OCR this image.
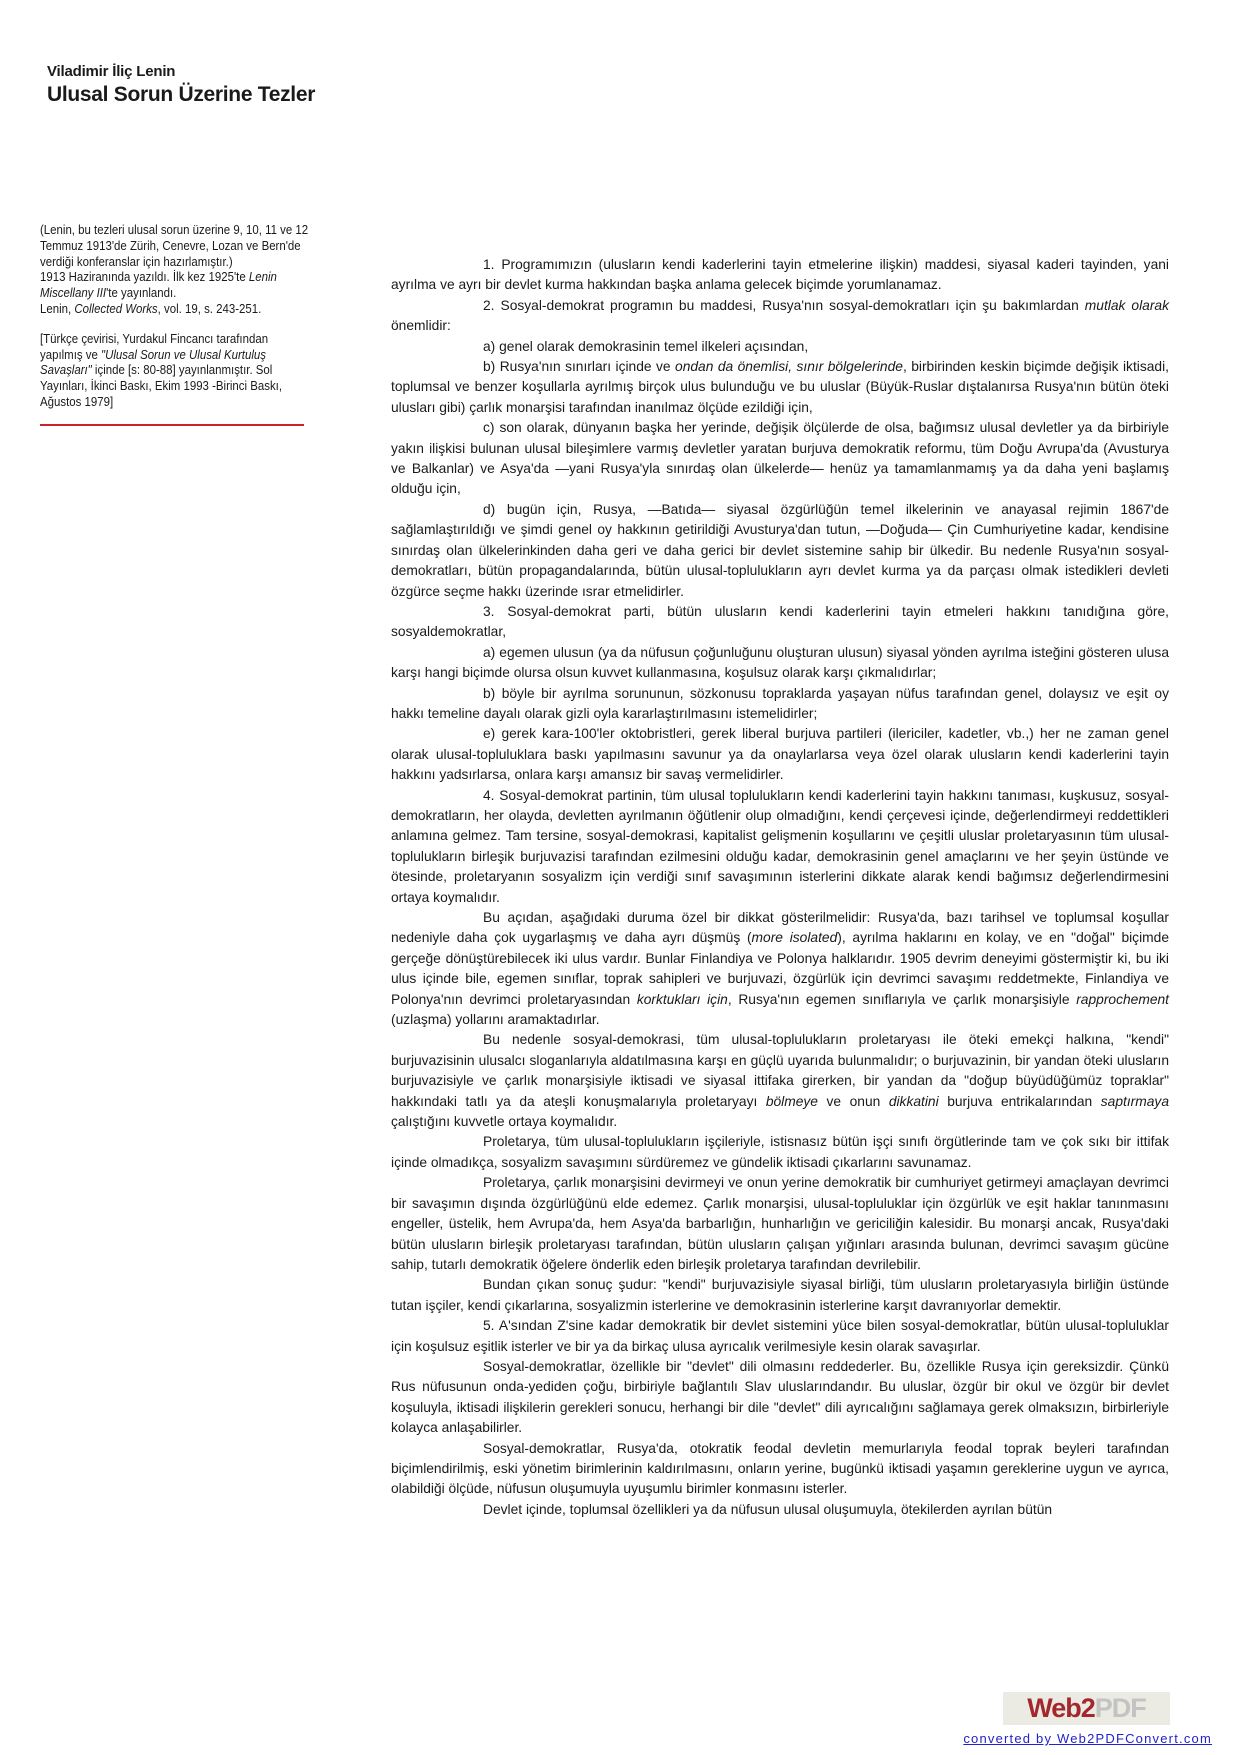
Viladimir İliç Lenin
Ulusal Sorun Üzerine Tezler

(Lenin, bu tezleri ulusal sorun üzerine 9, 10, 11 ve 12 Temmuz 1913'de Zürih, Cenevre, Lozan ve Bern'de verdiği konferanslar için hazırlamıştır.)
1913 Haziranında yazıldı. İlk kez 1925'te Lenin Miscellany III'te yayınlandı.
Lenin, Collected Works, vol. 19, s. 243-251.

[Türkçe çevirisi, Yurdakul Fincancı tarafından yapılmış ve "Ulusal Sorun ve Ulusal Kurtuluş Savaşları" içinde [s: 80-88] yayınlanmıştır. Sol Yayınları, İkinci Baskı, Ekim 1993 -Birinci Baskı, Ağustos 1979]

1. Programımızın (ulusların kendi kaderlerini tayin etmelerine ilişkin) maddesi, siyasal kaderi tayinden, yani ayrılma ve ayrı bir devlet kurma hakkından başka anlama gelecek biçimde yorumlanamaz.

2. Sosyal-demokrat programın bu maddesi, Rusya'nın sosyal-demokratları için şu bakımlardan mutlak olarak önemlidir:

a) genel olarak demokrasinin temel ilkeleri açısından,

b) Rusya'nın sınırları içinde ve ondan da önemlisi, sınır bölgelerinde, birbirinden keskin biçimde değişik iktisadi, toplumsal ve benzer koşullarla ayrılmış birçok ulus bulunduğu ve bu uluslar (Büyük-Ruslar dıştalanırsa Rusya'nın bütün öteki ulusları gibi) çarlık monarşisi tarafından inanılmaz ölçüde ezildiği için,

c) son olarak, dünyanın başka her yerinde, değişik ölçülerde de olsa, bağımsız ulusal devletler ya da birbiriyle yakın ilişkisi bulunan ulusal bileşimlere varmış devletler yaratan burjuva demokratik reformu, tüm Doğu Avrupa'da (Avusturya ve Balkanlar) ve Asya'da —yani Rusya'yla sınırdaş olan ülkelerde— henüz ya tamamlanmamış ya da daha yeni başlamış olduğu için,

d) bugün için, Rusya, —Batıda— siyasal özgürlüğün temel ilkelerinin ve anayasal rejimin 1867'de sağlamlaştırıldığı ve şimdi genel oy hakkının getirildiği Avusturya'dan tutun, —Doğuda— Çin Cumhuriyetine kadar, kendisine sınırdaş olan ülkelerinkinden daha geri ve daha gerici bir devlet sistemine sahip bir ülkedir. Bu nedenle Rusya'nın sosyal-demokratları, bütün propagandalarında, bütün ulusal-toplulukların ayrı devlet kurma ya da parçası olmak istedikleri devleti özgürce seçme hakkı üzerinde ısrar etmelidirler.

3. Sosyal-demokrat parti, bütün ulusların kendi kaderlerini tayin etmeleri hakkını tanıdığına göre, sosyaldemokratlar,

a) egemen ulusun (ya da nüfusun çoğunluğunu oluşturan ulusun) siyasal yönden ayrılma isteğini gösteren ulusa karşı hangi biçimde olursa olsun kuvvet kullanmasına, koşulsuz olarak karşı çıkmalıdırlar;

b) böyle bir ayrılma sorununun, sözkonusu topraklarda yaşayan nüfus tarafından genel, dolaysız ve eşit oy hakkı temeline dayalı olarak gizli oyla kararlaştırılmasını istemelidirler;

e) gerek kara-100'ler oktobristleri, gerek liberal burjuva partileri (ilericiler, kadetler, vb.,) her ne zaman genel olarak ulusal-topluluklara baskı yapılmasını savunur ya da onaylarlarsa veya özel olarak ulusların kendi kaderlerini tayin hakkını yadsırlarsa, onlara karşı amansız bir savaş vermelidirler.

4. Sosyal-demokrat partinin, tüm ulusal toplulukların kendi kaderlerini tayin hakkını tanıması, kuşkusuz, sosyal-demokratların, her olayda, devletten ayrılmanın öğütlenir olup olmadığını, kendi çerçevesi içinde, değerlendirmeyi reddettikleri anlamına gelmez. Tam tersine, sosyal-demokrasi, kapitalist gelişmenin koşullarını ve çeşitli uluslar proletaryasının tüm ulusal-toplulukların birleşik burjuvazisi tarafından ezilmesini olduğu kadar, demokrasinin genel amaçlarını ve her şeyin üstünde ve ötesinde, proletaryanın sosyalizm için verdiği sınıf savaşımının isterlerini dikkate alarak kendi bağımsız değerlendirmesini ortaya koymalıdır.

Bu açıdan, aşağıdaki duruma özel bir dikkat gösterilmelidir: Rusya'da, bazı tarihsel ve toplumsal koşullar nedeniyle daha çok uygarlaşmış ve daha ayrı düşmüş (more isolated), ayrılma haklarını en kolay, ve en "doğal" biçimde gerçeğe dönüştürebilecek iki ulus vardır. Bunlar Finlandiya ve Polonya halklarıdır. 1905 devrim deneyimi göstermiştir ki, bu iki ulus içinde bile, egemen sınıflar, toprak sahipleri ve burjuvazi, özgürlük için devrimci savaşımı reddetmekte, Finlandiya ve Polonya'nın devrimci proletaryasından korktukları için, Rusya'nın egemen sınıflarıyla ve çarlık monarşisiyle rapprochement (uzlaşma) yollarını aramaktadırlar.

Bu nedenle sosyal-demokrasi, tüm ulusal-toplulukların proletaryası ile öteki emekçi halkına, "kendi" burjuvazisinin ulusalcı sloganlarıyla aldatılmasına karşı en güçlü uyarıda bulunmalıdır; o burjuvazinin, bir yandan öteki ulusların burjuvazisiyle ve çarlık monarşisiyle iktisadi ve siyasal ittifaka girerken, bir yandan da "doğup büyüdüğümüz topraklar" hakkındaki tatlı ya da ateşli konuşmalarıyla proletaryayı bölmeye ve onun dikkatini burjuva entrikalarından saptırmaya çalıştığını kuvvetle ortaya koymalıdır.

Proletarya, tüm ulusal-toplulukların işçileriyle, istisnasız bütün işçi sınıfı örgütlerinde tam ve çok sıkı bir ittifak içinde olmadıkça, sosyalizm savaşımını sürdüremez ve gündelik iktisadi çıkarlarını savunamaz.

Proletarya, çarlık monarşisini devirmeyi ve onun yerine demokratik bir cumhuriyet getirmeyi amaçlayan devrimci bir savaşımın dışında özgürlüğünü elde edemez. Çarlık monarşisi, ulusal-topluluklar için özgürlük ve eşit haklar tanınmasını engeller, üstelik, hem Avrupa'da, hem Asya'da barbarlığın, hunharlığın ve gericiliğin kalesidir. Bu monarşi ancak, Rusya'daki bütün ulusların birleşik proletaryası tarafından, bütün ulusların çalışan yığınları arasında bulunan, devrimci savaşım gücüne sahip, tutarlı demokratik öğelere önderlik eden birleşik proletarya tarafından devrilebilir.

Bundan çıkan sonuç şudur: "kendi" burjuvazisiyle siyasal birliği, tüm ulusların proletaryasıyla birliğin üstünde tutan işçiler, kendi çıkarlarına, sosyalizmin isterlerine ve demokrasinin isterlerine karşıt davranıyorlar demektir.

5. A'sından Z'sine kadar demokratik bir devlet sistemini yüce bilen sosyal-demokratlar, bütün ulusal-topluluklar için koşulsuz eşitlik isterler ve bir ya da birkaç ulusa ayrıcalık verilmesiyle kesin olarak savaşırlar.

Sosyal-demokratlar, özellikle bir "devlet" dili olmasını reddederler. Bu, özellikle Rusya için gereksizdir. Çünkü Rus nüfusunun onda-yediden çoğu, birbiriyle bağlantılı Slav uluslarındandır. Bu uluslar, özgür bir okul ve özgür bir devlet koşuluyla, iktisadi ilişkilerin gerekleri sonucu, herhangi bir dile "devlet" dili ayrıcalığını sağlamaya gerek olmaksızın, birbirleriyle kolayca anlaşabilirler.

Sosyal-demokratlar, Rusya'da, otokratik feodal devletin memurlarıyla feodal toprak beyleri tarafından biçimlendirilmiş, eski yönetim birimlerinin kaldırılmasını, onların yerine, bugünkü iktisadi yaşamın gereklerine uygun ve ayrıca, olabildiği ölçüde, nüfusun oluşumuyla uyuşumlu birimler konmasını isterler.

Devlet içinde, toplumsal özellikleri ya da nüfusun ulusal oluşumuyla, ötekilerden ayrılan bütün

Web2PDF
converted by Web2PDFConvert.com
